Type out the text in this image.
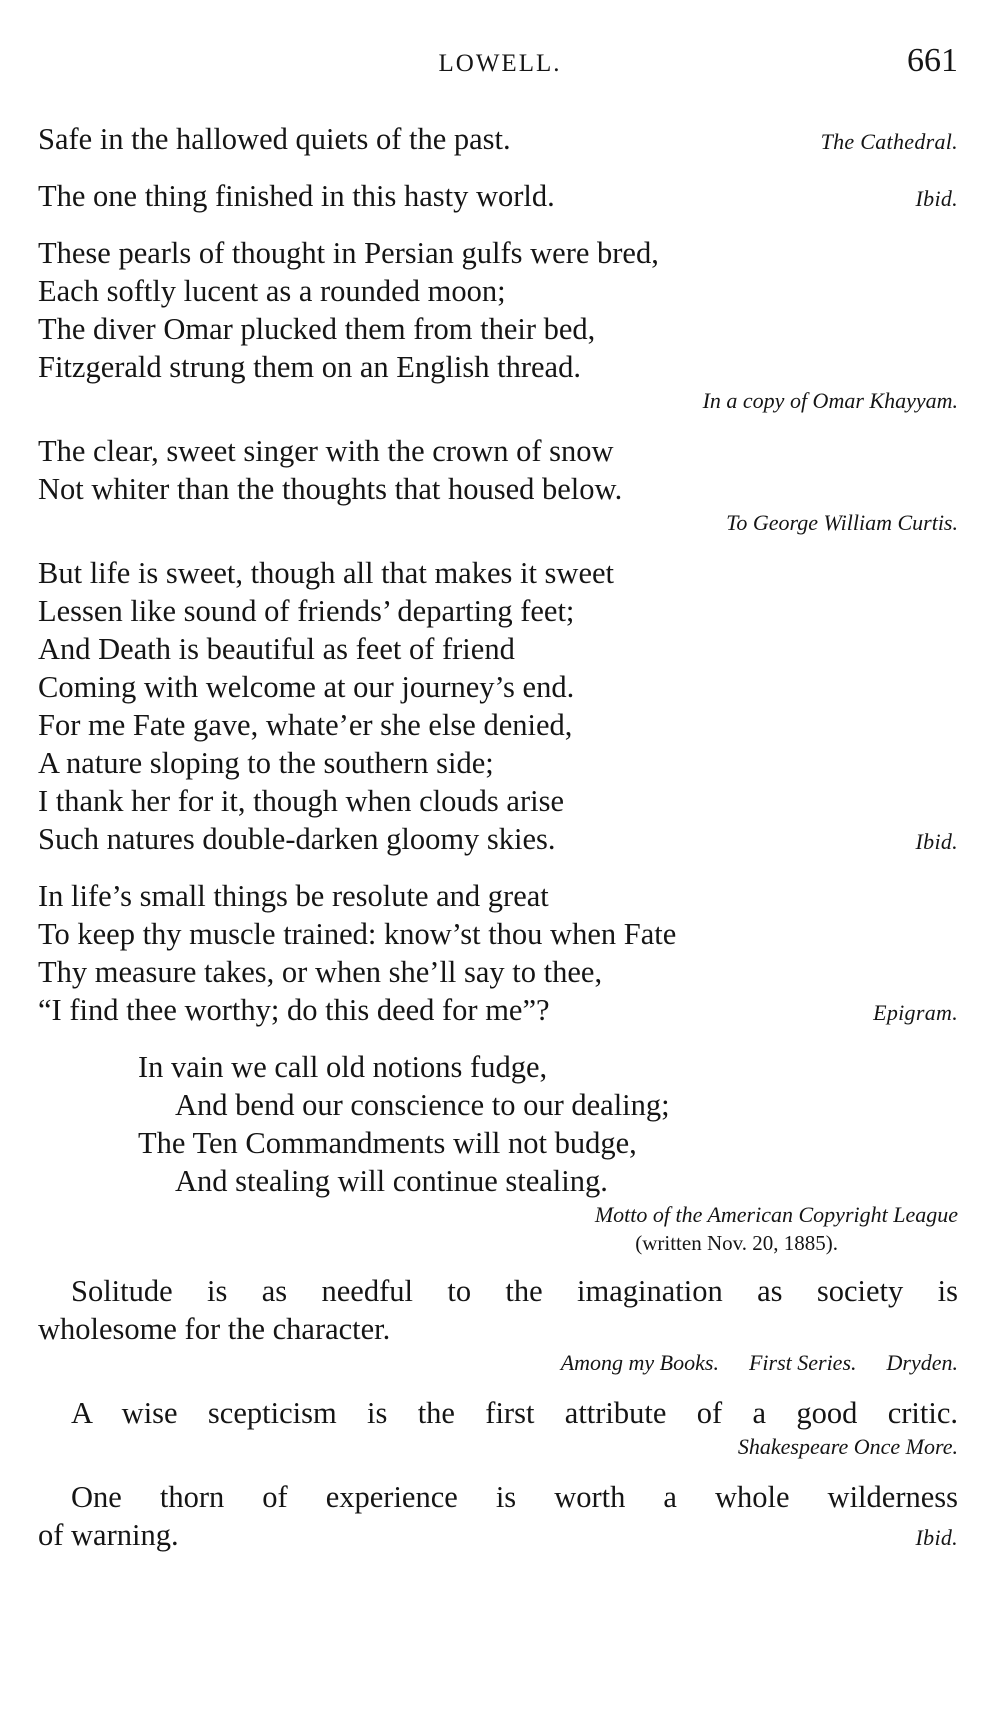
LOWELL.	661
Safe in the hallowed quiets of the past.	The Cathedral.
The one thing finished in this hasty world.	Ibid.
These pearls of thought in Persian gulfs were bred,
Each softly lucent as a rounded moon;
The diver Omar plucked them from their bed,
Fitzgerald strung them on an English thread.
In a copy of Omar Khayyam.
The clear, sweet singer with the crown of snow
Not whiter than the thoughts that housed below.
To George William Curtis.
But life is sweet, though all that makes it sweet
Lessen like sound of friends’ departing feet;
And Death is beautiful as feet of friend
Coming with welcome at our journey’s end.
For me Fate gave, whate’er she else denied,
A nature sloping to the southern side;
I thank her for it, though when clouds arise
Such natures double-darken gloomy skies.	Ibid.
In life’s small things be resolute and great
To keep thy muscle trained: know’st thou when Fate
Thy measure takes, or when she’ll say to thee,
“I find thee worthy; do this deed for me”?	Epigram.
In vain we call old notions fudge,
And bend our conscience to our dealing;
The Ten Commandments will not budge,
And stealing will continue stealing.
Motto of the American Copyright League
(written Nov. 20, 1885).
Solitude is as needful to the imagination as society is
wholesome for the character.
Among my Books. First Series. Dryden.
A wise scepticism is the first attribute of a good critic.
Shakespeare Once More.
One thorn of experience is worth a whole wilderness
of warning.	Ibid.
